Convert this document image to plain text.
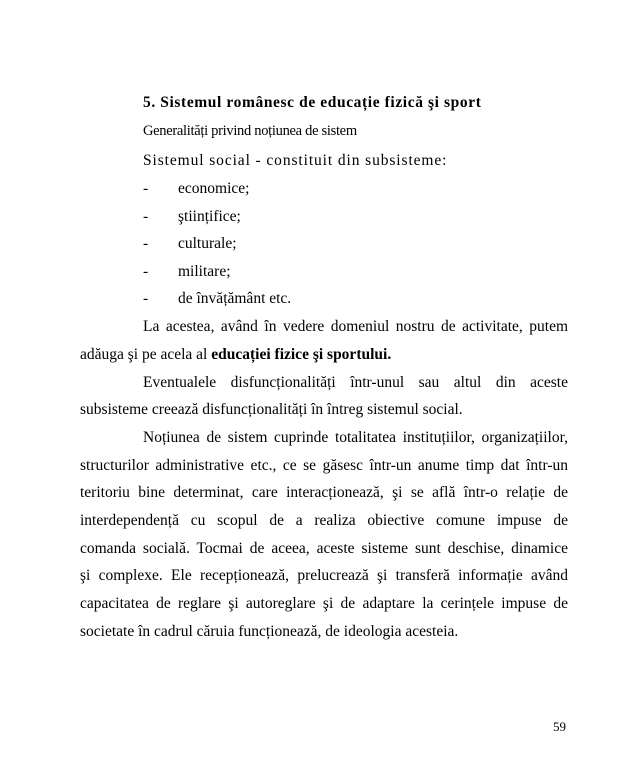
5. Sistemul românesc de educație fizică şi sport
Generalități privind noțiunea de sistem
Sistemul social - constituit din subsisteme:
- economice;
- ştiințifice;
- culturale;
- militare;
- de învățământ etc.
La acestea, având în vedere domeniul nostru de activitate, putem
adăuga şi pe acela al educației fizice şi sportului.
Eventualele disfuncționalități într-unul sau altul din aceste
subsisteme creează disfuncționalități în întreg sistemul social.
Noțiunea de sistem cuprinde totalitatea instituțiilor, organizațiilor,
structurilor administrative etc., ce se găsesc într-un anume timp dat într-un
teritoriu bine determinat, care interacționează, şi se află într-o relație de
interdependență cu scopul de a realiza obiective comune impuse de
comanda socială. Tocmai de aceea, aceste sisteme sunt deschise, dinamice
şi complexe. Ele recepționează, prelucrează şi transferă informație având
capacitatea de reglare şi autoreglare şi de adaptare la cerințele impuse de
societate în cadrul căruia funcționează, de ideologia acesteia.
59
